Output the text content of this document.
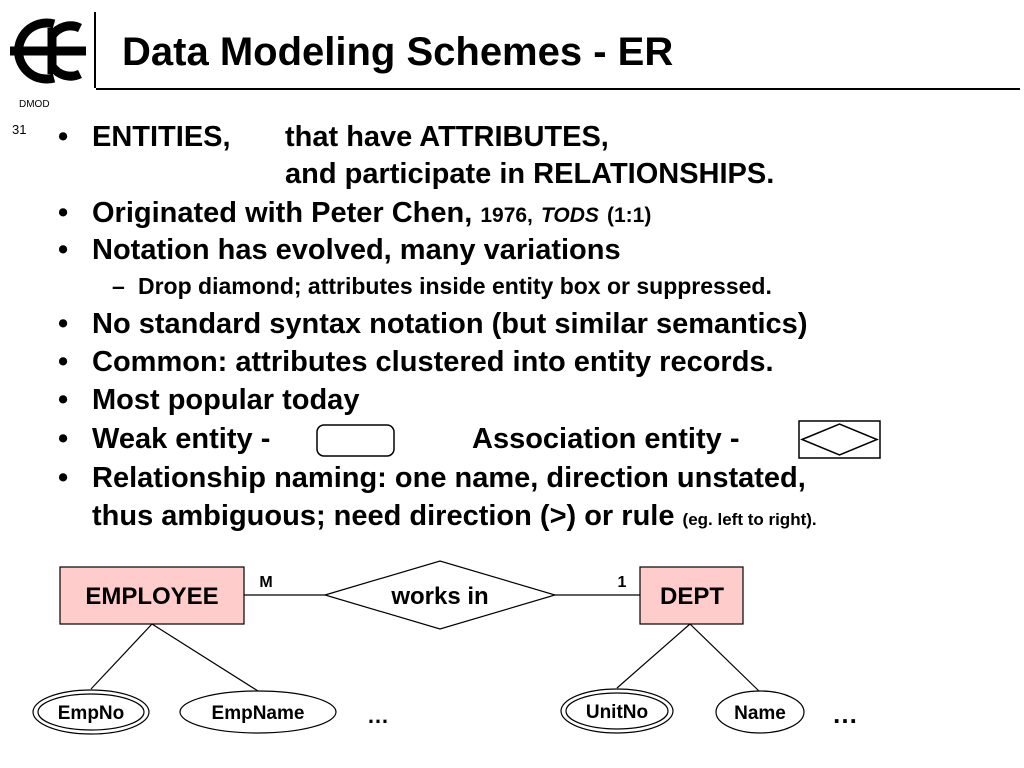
Data Modeling Schemes - ER
DMOD
31 • ENTITIES, that have ATTRIBUTES,
and participate in RELATIONSHIPS.
• Originated with Peter Chen, 1976, TODS (1:1)
• Notation has evolved, many variations
– Drop diamond; attributes inside entity box or suppressed.
• No standard syntax notation (but similar semantics)
• Common: attributes clustered into entity records.
• Most popular today
• Weak entity -	Association entity -
• Relationship naming: one name, direction unstated,
thus ambiguous; need direction (>) or rule (eg. left to right).
EMPLOYEE	DEPT
works in
M	1
EmpNo	EmpName	…	UnitNo	Name …
